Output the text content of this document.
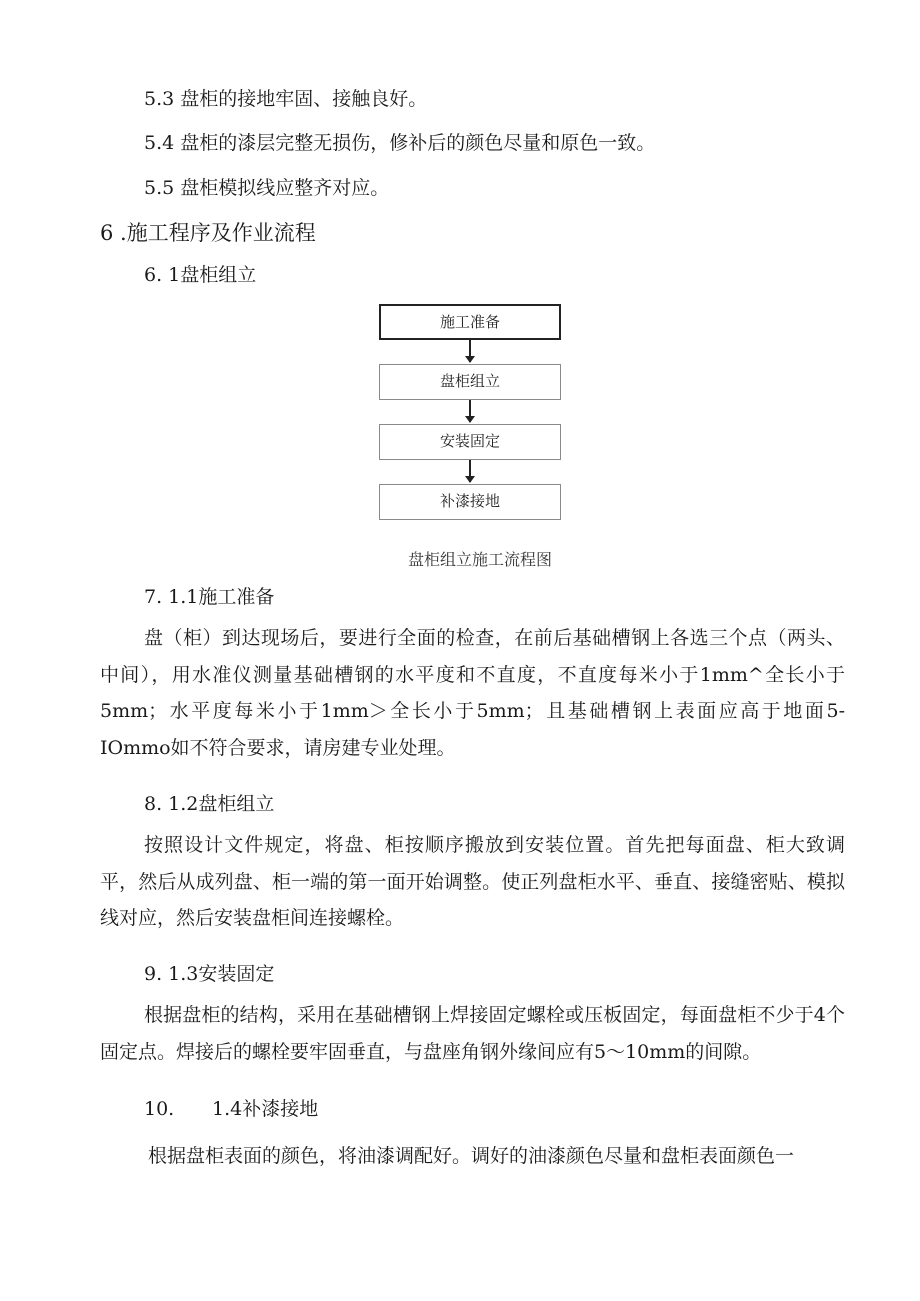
5.3 盘柜的接地牢固、接触良好。
5.4 盘柜的漆层完整无损伤，修补后的颜色尽量和原色一致。
5.5 盘柜模拟线应整齐对应。
6 .施工程序及作业流程
6. 1盘柜组立
施工准备
盘柜组立
安装固定
补漆接地
盘柜组立施工流程图
7. 1.1施工准备
盘（柜）到达现场后，要进行全面的检查，在前后基础槽钢上各选三个点（两头、中间），用水准仪测量基础槽钢的水平度和不直度，不直度每米小于1mm^全长小于5mm；水平度每米小于1mm＞全长小于5mm；且基础槽钢上表面应高于地面5-IOmmo如不符合要求，请房建专业处理。
8. 1.2盘柜组立
按照设计文件规定，将盘、柜按顺序搬放到安装位置。首先把每面盘、柜大致调平，然后从成列盘、柜一端的第一面开始调整。使正列盘柜水平、垂直、接缝密贴、模拟线对应，然后安装盘柜间连接螺栓。
9. 1.3安装固定
根据盘柜的结构，采用在基础槽钢上焊接固定螺栓或压板固定，每面盘柜不少于4个固定点。焊接后的螺栓要牢固垂直，与盘座角钢外缘间应有5～10mm的间隙。
10. 1.4补漆接地
根据盘柜表面的颜色，将油漆调配好。调好的油漆颜色尽量和盘柜表面颜色一
